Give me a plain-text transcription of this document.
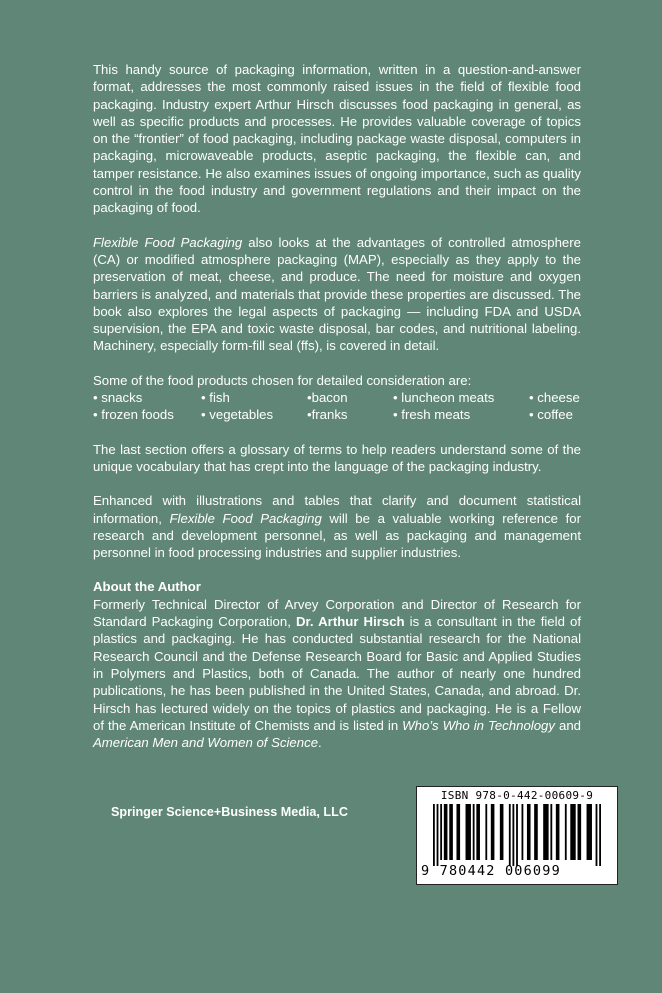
This handy source of packaging information, written in a question-and-answer format, addresses the most commonly raised issues in the field of flexible food packaging. Industry expert Arthur Hirsch discusses food packaging in general, as well as specific products and processes. He provides valuable coverage of topics on the “frontier” of food packaging, including package waste disposal, computers in packaging, microwaveable products, aseptic packaging, the flexible can, and tamper resistance. He also examines issues of ongoing importance, such as quality control in the food industry and government regulations and their impact on the packaging of food.

Flexible Food Packaging also looks at the advantages of controlled atmosphere (CA) or modified atmosphere packaging (MAP), especially as they apply to the preservation of meat, cheese, and produce. The need for moisture and oxygen barriers is analyzed, and materials that provide these properties are discussed. The book also explores the legal aspects of packaging — including FDA and USDA supervision, the EPA and toxic waste disposal, bar codes, and nutritional labeling. Machinery, especially form-fill seal (ffs), is covered in detail.

Some of the food products chosen for detailed consideration are:

• snacks	• fish	•bacon	• luncheon meats	• cheese
• frozen foods	• vegetables	•franks	• fresh meats	• coffee

The last section offers a glossary of terms to help readers understand some of the unique vocabulary that has crept into the language of the packaging industry.

Enhanced with illustrations and tables that clarify and document statistical information, Flexible Food Packaging will be a valuable working reference for research and development personnel, as well as packaging and management personnel in food processing industries and supplier industries.

About the Author

Formerly Technical Director of Arvey Corporation and Director of Research for Standard Packaging Corporation, Dr. Arthur Hirsch is a consultant in the field of plastics and packaging. He has conducted substantial research for the National Research Council and the Defense Research Board for Basic and Applied Studies in Polymers and Plastics, both of Canada. The author of nearly one hundred publications, he has been published in the United States, Canada, and abroad. Dr. Hirsch has lectured widely on the topics of plastics and packaging. He is a Fellow of the American Institute of Chemists and is listed in Who’s Who in Technology and American Men and Women of Science.

Springer Science+Business Media, LLC
ISBN 978-0-442-00609-9
9 780442 006099
